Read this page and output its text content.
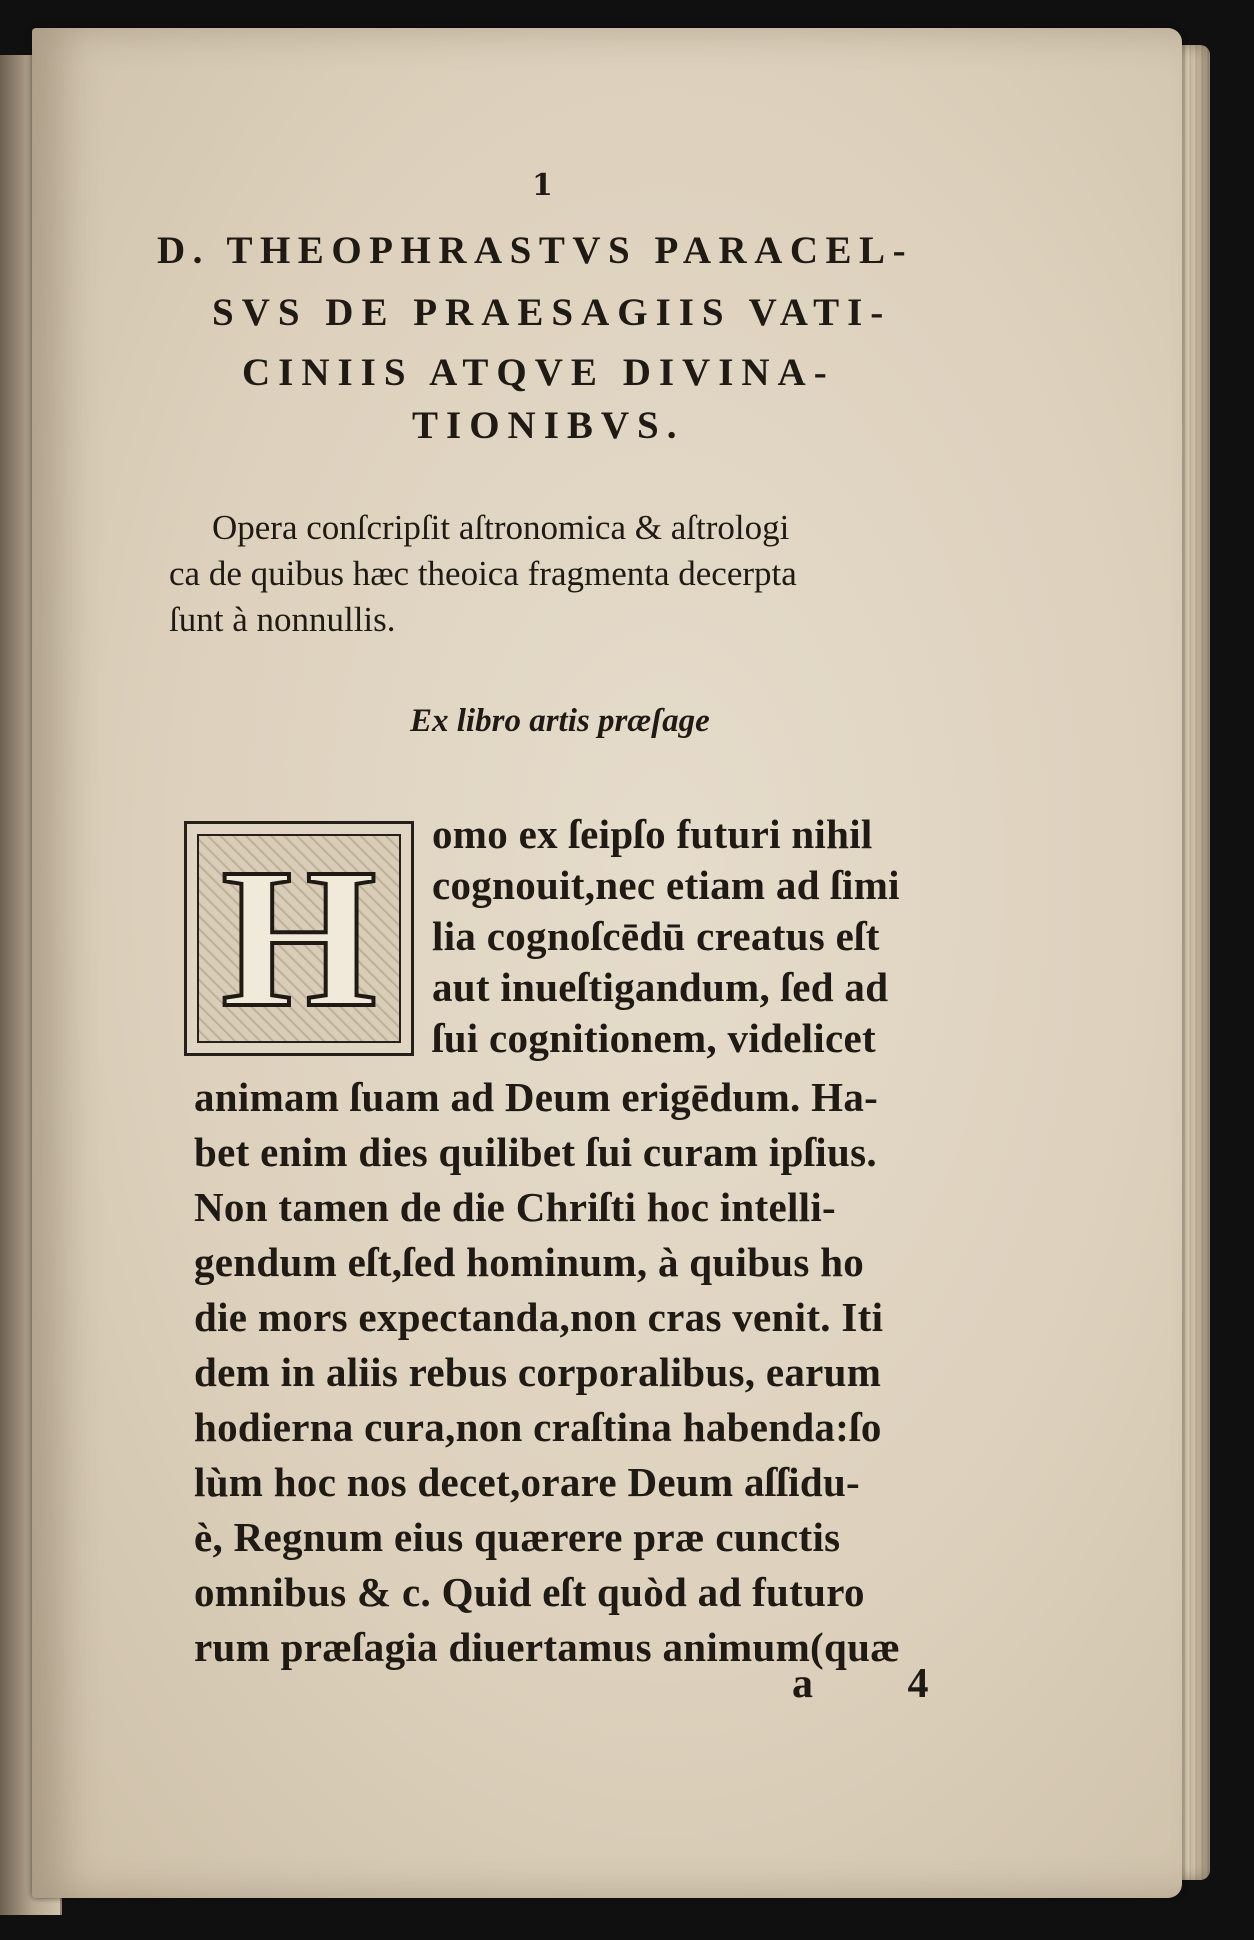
1
D. THEOPHRASTVS PARACEL-
SVS DE PRAESAGIIS VATI-
CINIIS ATQVE DIVINA-
TIONIBVS.
Opera conſcripſit aſtronomica & aſtrologi
ca de quibus hæc theoica fragmenta decerpta
ſunt à nonnullis.
Ex libro artis præſage
H	omo ex ſeipſo futuri nihil
cognouit,nec etiam ad ſimi
lia cognoſcēdū creatus eſt
aut inueſtigandum, ſed ad
ſui cognitionem, videlicet
animam ſuam ad Deum erigēdum. Ha-
bet enim dies quilibet ſui curam ipſius.
Non tamen de die Chriſti hoc intelli-
gendum eſt,ſed hominum, à quibus ho
die mors expectanda,non cras venit. Iti
dem in aliis rebus corporalibus, earum
hodierna cura,non craſtina habenda:ſo
lùm hoc nos decet,orare Deum aſſidu-
è, Regnum eius quærere præ cunctis
omnibus & c. Quid eſt quòd ad futuro
rum præſagia diuertamus animum(quæ
a 4
